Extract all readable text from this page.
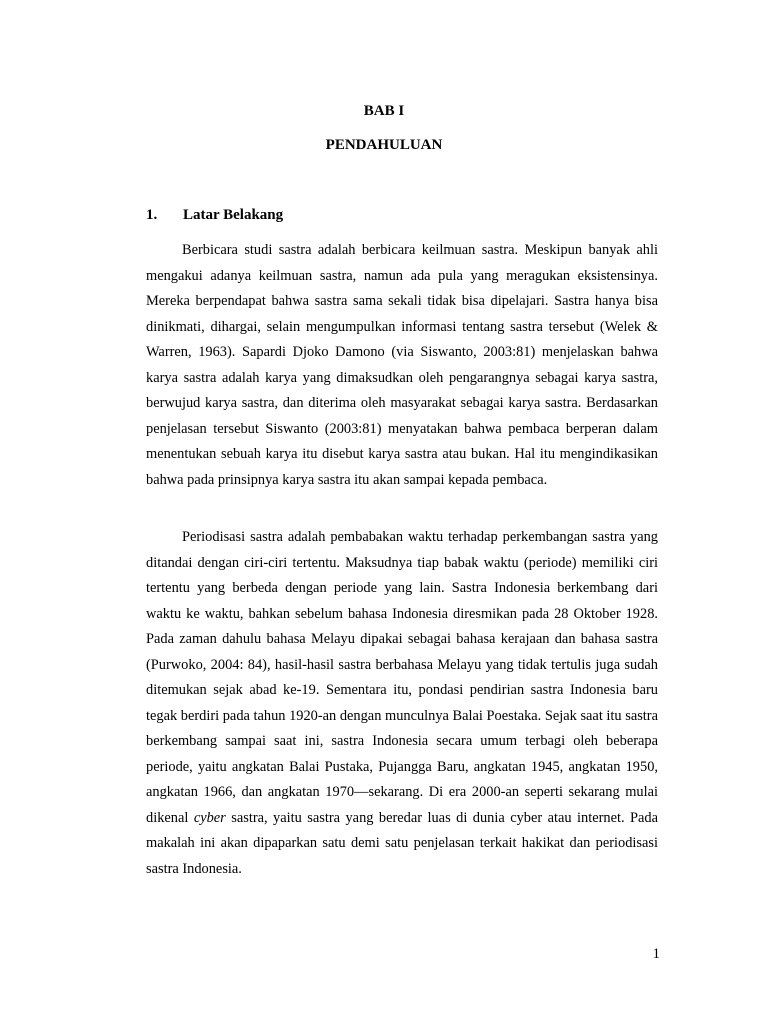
BAB I
PENDAHULUAN
1. Latar Belakang

Berbicara studi sastra adalah berbicara keilmuan sastra. Meskipun banyak ahli mengakui adanya keilmuan sastra, namun ada pula yang meragukan eksistensinya. Mereka berpendapat bahwa sastra sama sekali tidak bisa dipelajari. Sastra hanya bisa dinikmati, dihargai, selain mengumpulkan informasi tentang sastra tersebut (Welek & Warren, 1963). Sapardi Djoko Damono (via Siswanto, 2003:81) menjelaskan bahwa karya sastra adalah karya yang dimaksudkan oleh pengarangnya sebagai karya sastra, berwujud karya sastra, dan diterima oleh masyarakat sebagai karya sastra. Berdasarkan penjelasan tersebut Siswanto (2003:81) menyatakan bahwa pembaca berperan dalam menentukan sebuah karya itu disebut karya sastra atau bukan. Hal itu mengindikasikan bahwa pada prinsipnya karya sastra itu akan sampai kepada pembaca.

Periodisasi sastra adalah pembabakan waktu terhadap perkembangan sastra yang ditandai dengan ciri-ciri tertentu. Maksudnya tiap babak waktu (periode) memiliki ciri tertentu yang berbeda dengan periode yang lain. Sastra Indonesia berkembang dari waktu ke waktu, bahkan sebelum bahasa Indonesia diresmikan pada 28 Oktober 1928. Pada zaman dahulu bahasa Melayu dipakai sebagai bahasa kerajaan dan bahasa sastra (Purwoko, 2004: 84), hasil-hasil sastra berbahasa Melayu yang tidak tertulis juga sudah ditemukan sejak abad ke-19. Sementara itu, pondasi pendirian sastra Indonesia baru tegak berdiri pada tahun 1920-an dengan munculnya Balai Poestaka. Sejak saat itu sastra berkembang sampai saat ini, sastra Indonesia secara umum terbagi oleh beberapa periode, yaitu angkatan Balai Pustaka, Pujangga Baru, angkatan 1945, angkatan 1950, angkatan 1966, dan angkatan 1970—sekarang. Di era 2000-an seperti sekarang mulai dikenal cyber sastra, yaitu sastra yang beredar luas di dunia cyber atau internet. Pada makalah ini akan dipaparkan satu demi satu penjelasan terkait hakikat dan periodisasi sastra Indonesia.

1
